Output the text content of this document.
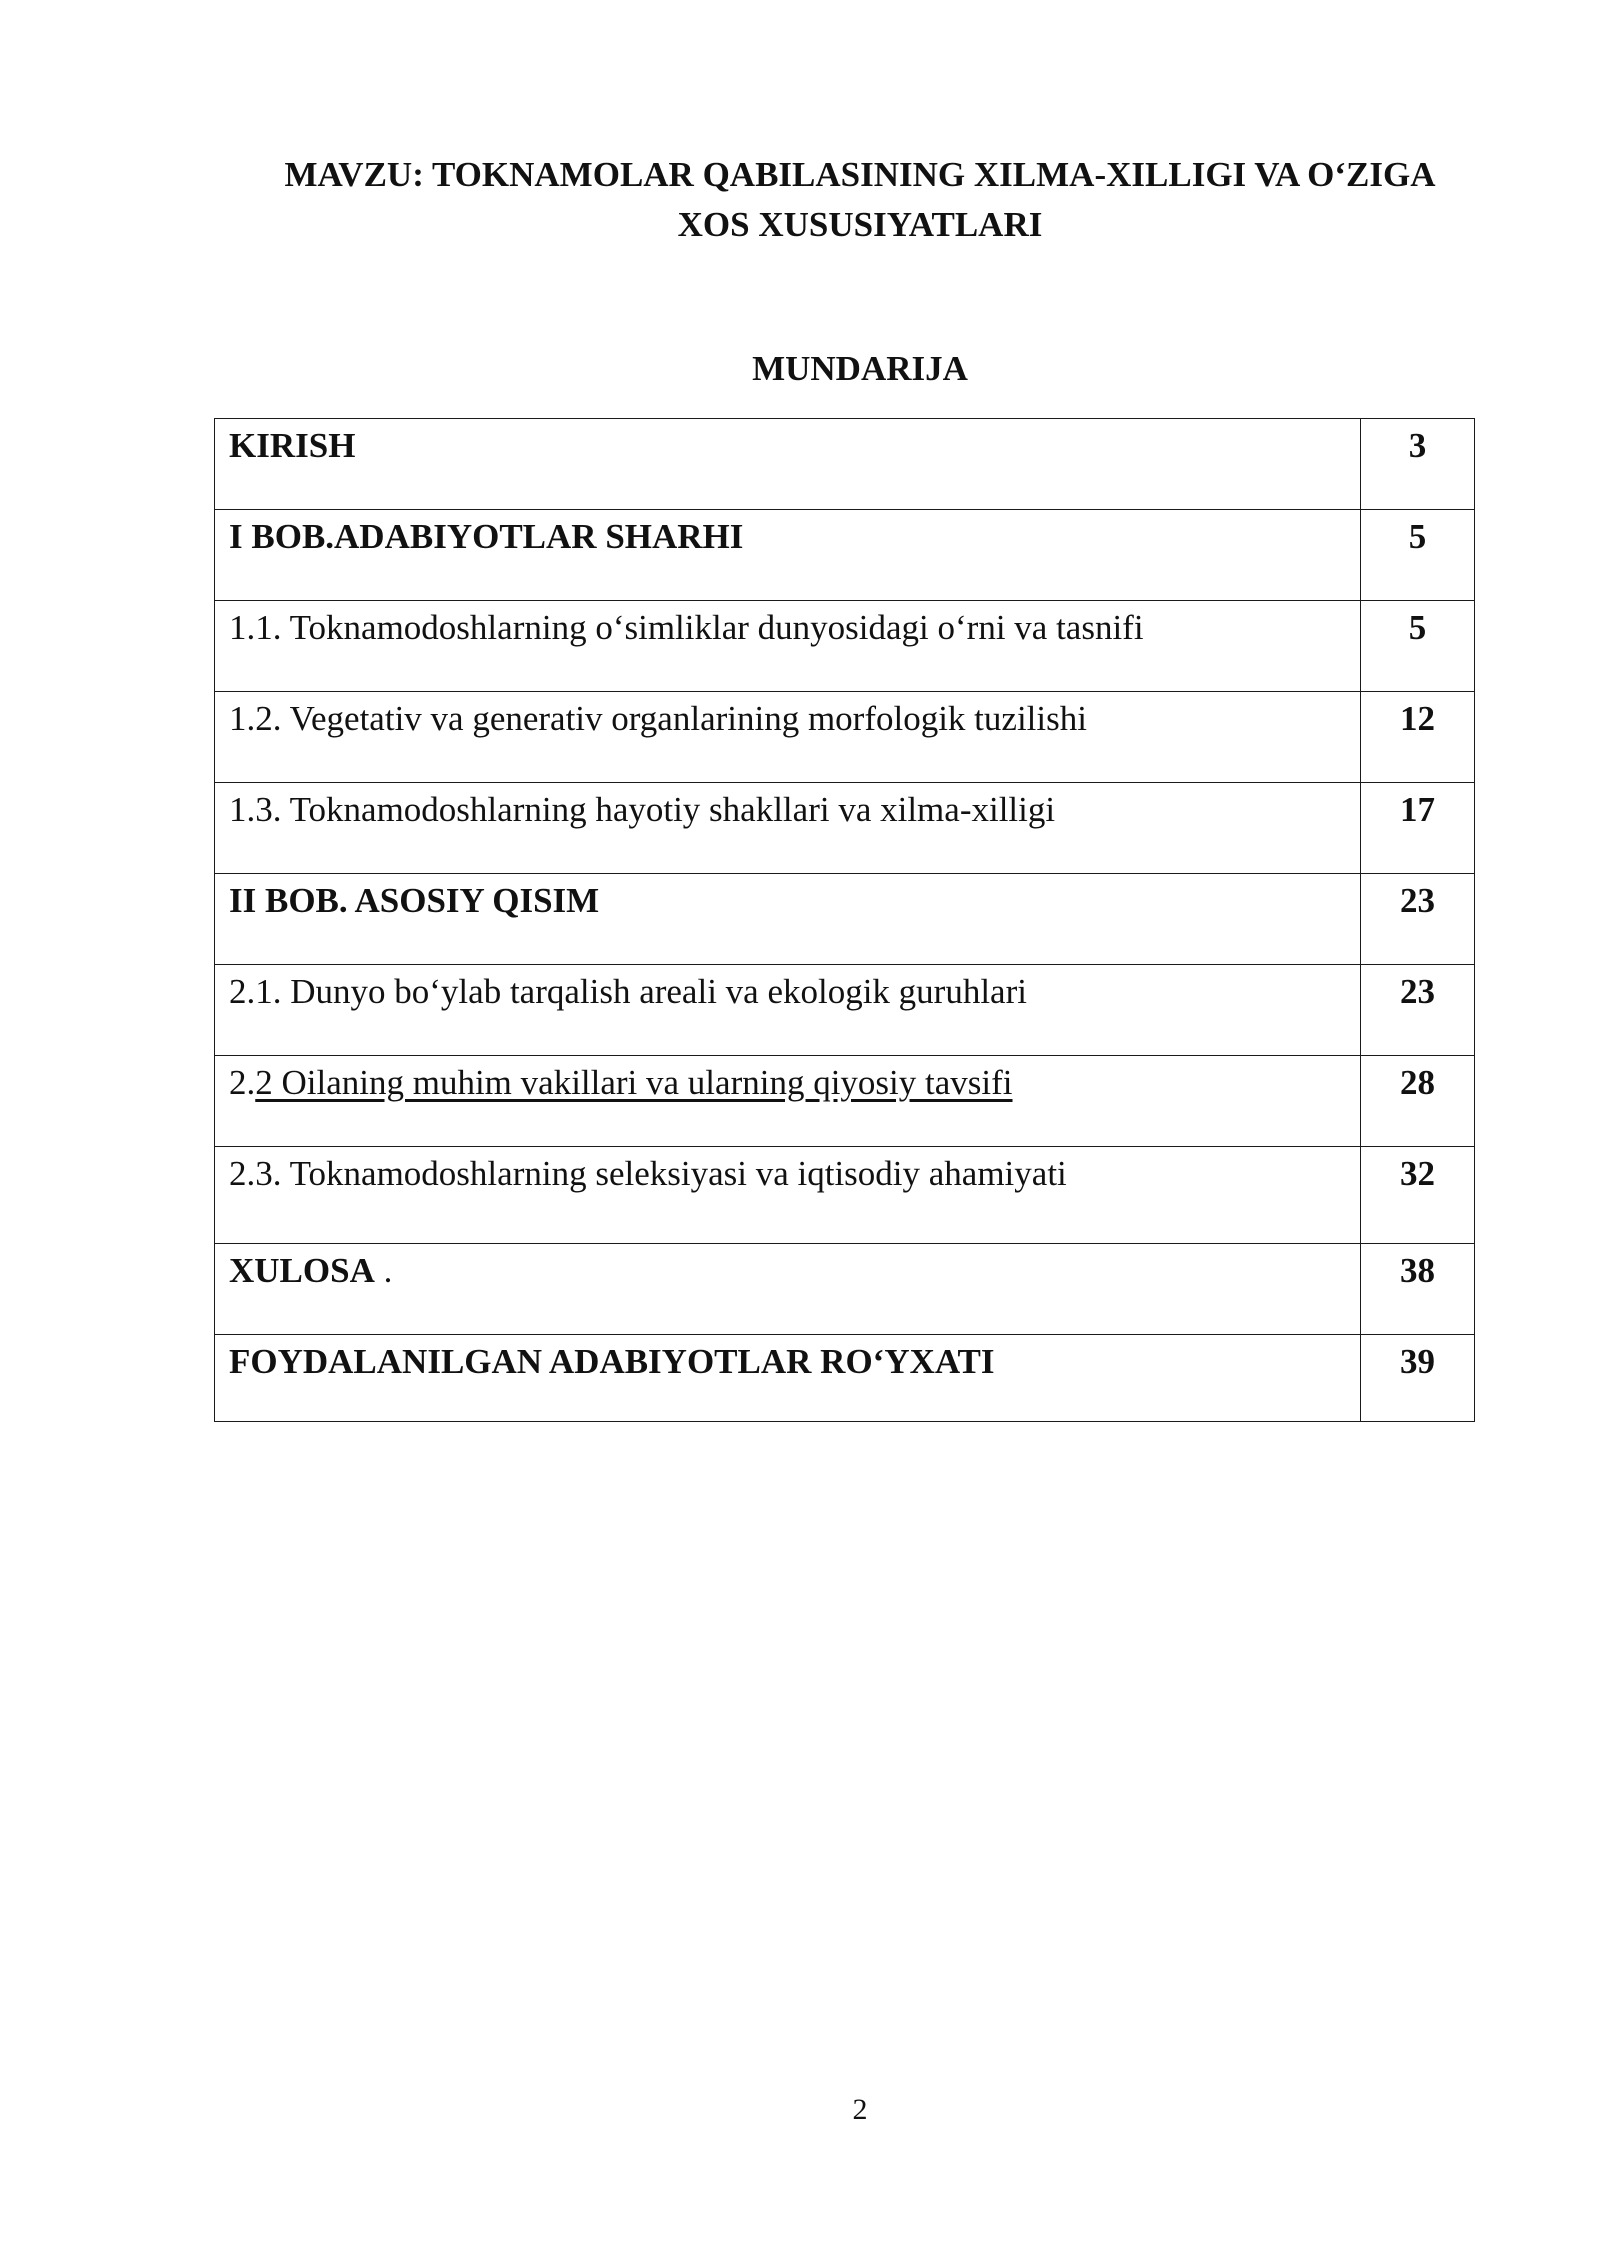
MAVZU: TOKNAMOLAR QABILASINING XILMA-XILLIGI VA O‘ZIGA
XOS XUSUSIYATLARI
MUNDARIJA
KIRISH	3
I BOB.ADABIYOTLAR SHARHI	5
1.1. Toknamodoshlarning o‘simliklar dunyosidagi o‘rni va tasnifi	5
1.2. Vegetativ va generativ organlarining morfologik tuzilishi	12
1.3. Toknamodoshlarning hayotiy shakllari va xilma-xilligi	17
II BOB. ASOSIY QISIM	23
2.1. Dunyo bo‘ylab tarqalish areali va ekologik guruhlari	23
2.2 Oilaning muhim vakillari va ularning qiyosiy tavsifi	28
2.3. Toknamodoshlarning seleksiyasi va iqtisodiy ahamiyati	32
XULOSA .	38
FOYDALANILGAN ADABIYOTLAR RO‘YXATI	39
2
